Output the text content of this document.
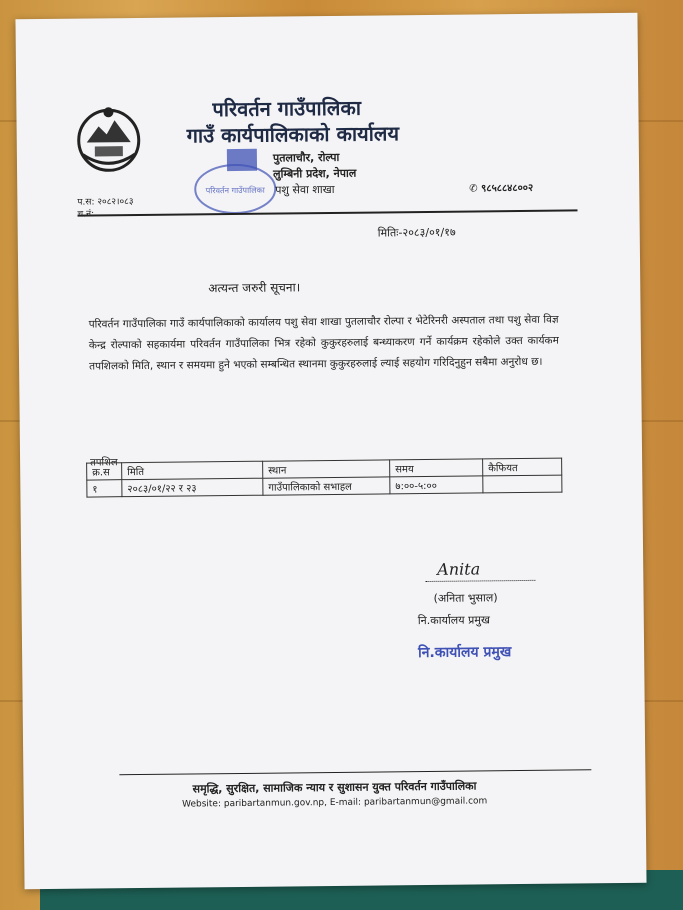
परिवर्तन गाउँपालिका
गाउँ कार्यपालिकाको कार्यालय
परिवर्तन गाउँपालिका
पुतलाचौर, रोल्पा
लुम्बिनी प्रदेश, नेपाल
पशु सेवा शाखा
प.स: २०८२।०८३
✆ ९८५८८४८००२
मितिः-२०८३/०१/१७
अत्यन्त जरुरी सूचना।
परिवर्तन गाउँपालिका गाउँ कार्यपालिकाको कार्यालय पशु सेवा शाखा पुतलाचौर रोल्पा र भेटेरिनरी अस्पताल तथा पशु सेवा विज्ञ केन्द्र रोल्पाको सहकार्यमा परिवर्तन गाउँपालिका भित्र रहेको कुकुरहरुलाई बन्ध्याकरण गर्ने कार्यक्रम रहेकोले उक्त कार्यकम तपशिलको मिति, स्थान र समयमा हुने भएको सम्बन्धित स्थानमा कुकुरहरुलाई ल्याई सहयोग गरिदिनुहुन सबैमा अनुरोध छ।
तपशिल
क्र.स	मिति	स्थान	समय	कैफियत
१	२०८३/०१/२२ र २३	गाउँपालिकाको सभाहल	७:००-५:००	
Anita
(अनिता भुसाल)
नि.कार्यालय प्रमुख
नि.कार्यालय प्रमुख
समृद्धि, सुरक्षित, सामाजिक न्याय र सुशासन युक्त परिवर्तन गाउँपालिका
Website: paribartanmun.gov.np, E-mail: paribartanmun@gmail.com
